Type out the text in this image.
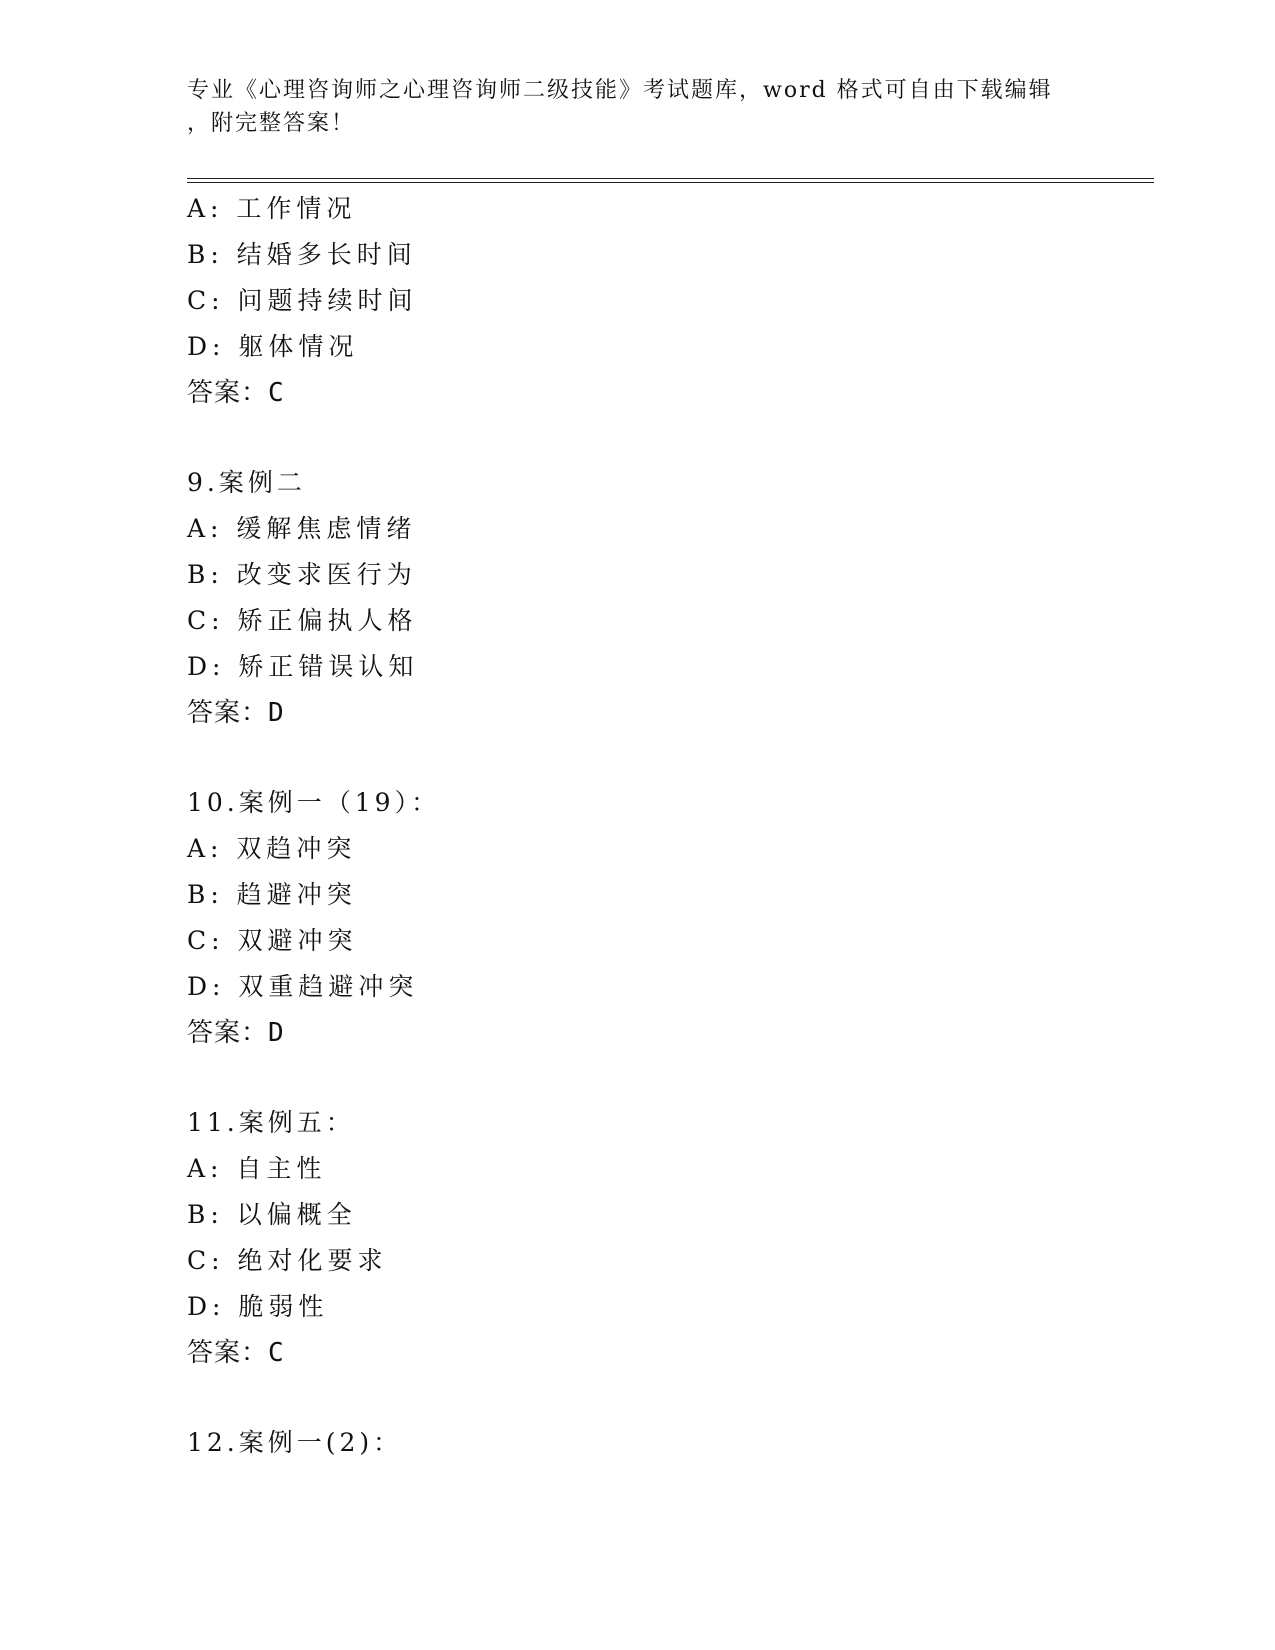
专业《心理咨询师之心理咨询师二级技能》考试题库，word 格式可自由下载编辑
，附完整答案！
A: 工作情况
B: 结婚多长时间
C: 问题持续时间
D: 躯体情况
答案：C
9.案例二
A: 缓解焦虑情绪
B: 改变求医行为
C: 矫正偏执人格
D: 矫正错误认知
答案：D
10.案例一（19）：
A: 双趋冲突
B: 趋避冲突
C: 双避冲突
D: 双重趋避冲突
答案：D
11.案例五：
A: 自主性
B: 以偏概全
C: 绝对化要求
D: 脆弱性
答案：C
12.案例一(2)：
